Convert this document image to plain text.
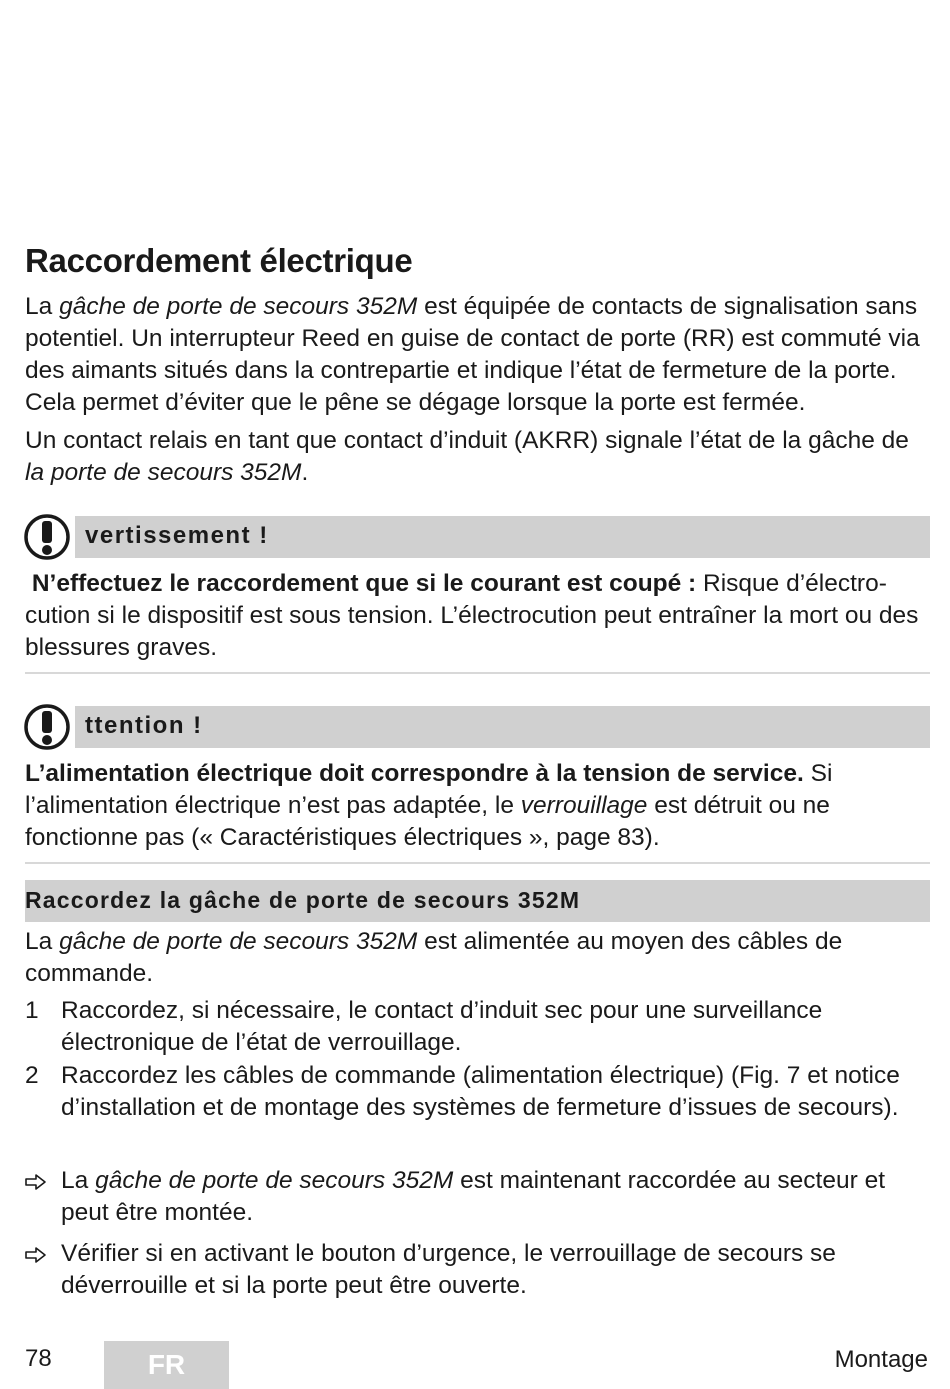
Raccordement électrique

La gâche de porte de secours 352M est équipée de contacts de signalisation sans potentiel. Un interrupteur Reed en guise de contact de porte (RR) est commuté via des aimants situés dans la contrepartie et indique l’état de fermeture de la porte. Cela permet d’éviter que le pêne se dégage lorsque la porte est fermée.

Un contact relais en tant que contact d’induit (AKRR) signale l’état de la gâche de la porte de secours 352M.

vertissement !

N’effectuez le raccordement que si le courant est coupé : Risque d’électrocution si le dispositif est sous tension. L’électrocution peut entraîner la mort ou des blessures graves.

ttention !

L’alimentation électrique doit correspondre à la tension de service. Si l’alimentation électrique n’est pas adaptée, le verrouillage est détruit ou ne fonctionne pas (« Caractéristiques électriques », page 83).

Raccordez la gâche de porte de secours 352M

La gâche de porte de secours 352M est alimentée au moyen des câbles de commande.

1 Raccordez, si nécessaire, le contact d’induit sec pour une surveillance électronique de l’état de verrouillage.

2 Raccordez les câbles de commande (alimentation électrique) (Fig. 7 et notice d’installation et de montage des systèmes de fermeture d’issues de secours).

La gâche de porte de secours 352M est maintenant raccordée au secteur et peut être montée.

Vérifier si en activant le bouton d’urgence, le verrouillage de secours se déverrouille et si la porte peut être ouverte.

78	FR	Montage
